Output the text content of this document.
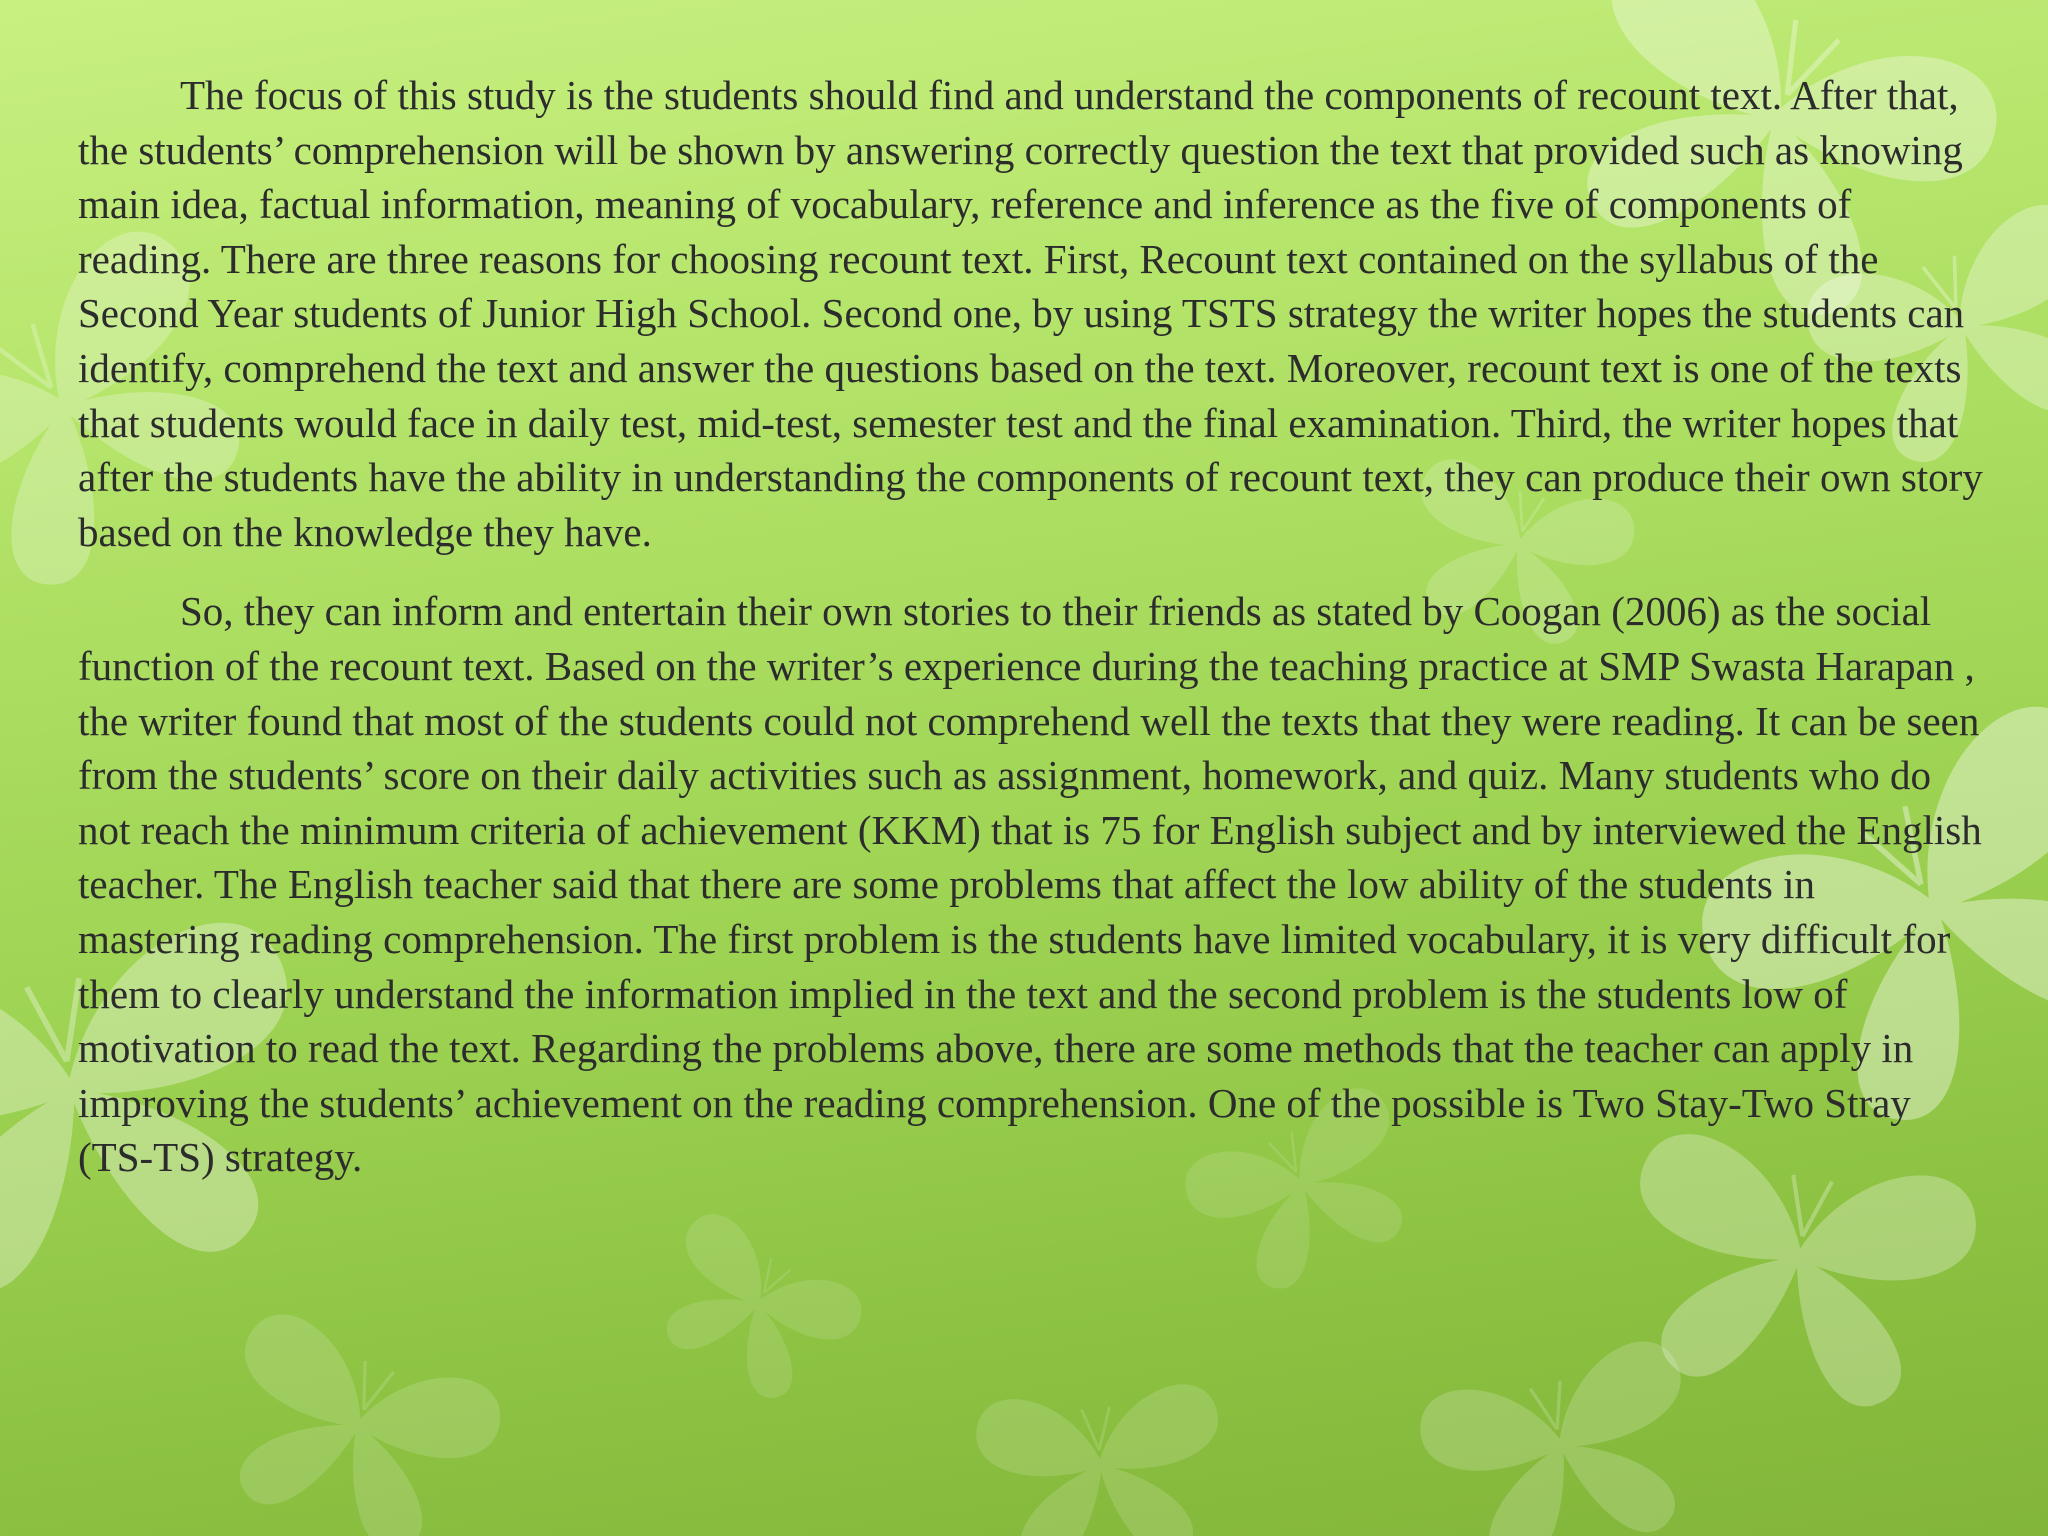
The focus of this study is the students should find and understand the components of recount text. After that, the students’ comprehension will be shown by answering correctly question the text that provided such as knowing main idea, factual information, meaning of vocabulary, reference and inference as the five of components of reading. There are three reasons for choosing recount text. First, Recount text contained on the syllabus of the Second Year students of Junior High School. Second one, by using TSTS strategy the writer hopes the students can identify, comprehend the text and answer the questions based on the text. Moreover, recount text is one of the texts that students would face in daily test, mid-test, semester test and the final examination. Third, the writer hopes that after the students have the ability in understanding the components of recount text, they can produce their own story based on the knowledge they have.

So, they can inform and entertain their own stories to their friends as stated by Coogan (2006) as the social function of the recount text. Based on the writer’s experience during the teaching practice at SMP Swasta Harapan , the writer found that most of the students could not comprehend well the texts that they were reading. It can be seen from the students’ score on their daily activities such as assignment, homework, and quiz. Many students who do not reach the minimum criteria of achievement (KKM) that is 75 for English subject and by interviewed the English teacher. The English teacher said that there are some problems that affect the low ability of the students in mastering reading comprehension. The first problem is the students have limited vocabulary, it is very difficult for them to clearly understand the information implied in the text and the second problem is the students low of motivation to read the text. Regarding the problems above, there are some methods that the teacher can apply in improving the students’ achievement on the reading comprehension. One of the possible is Two Stay-Two Stray (TS-TS) strategy.
